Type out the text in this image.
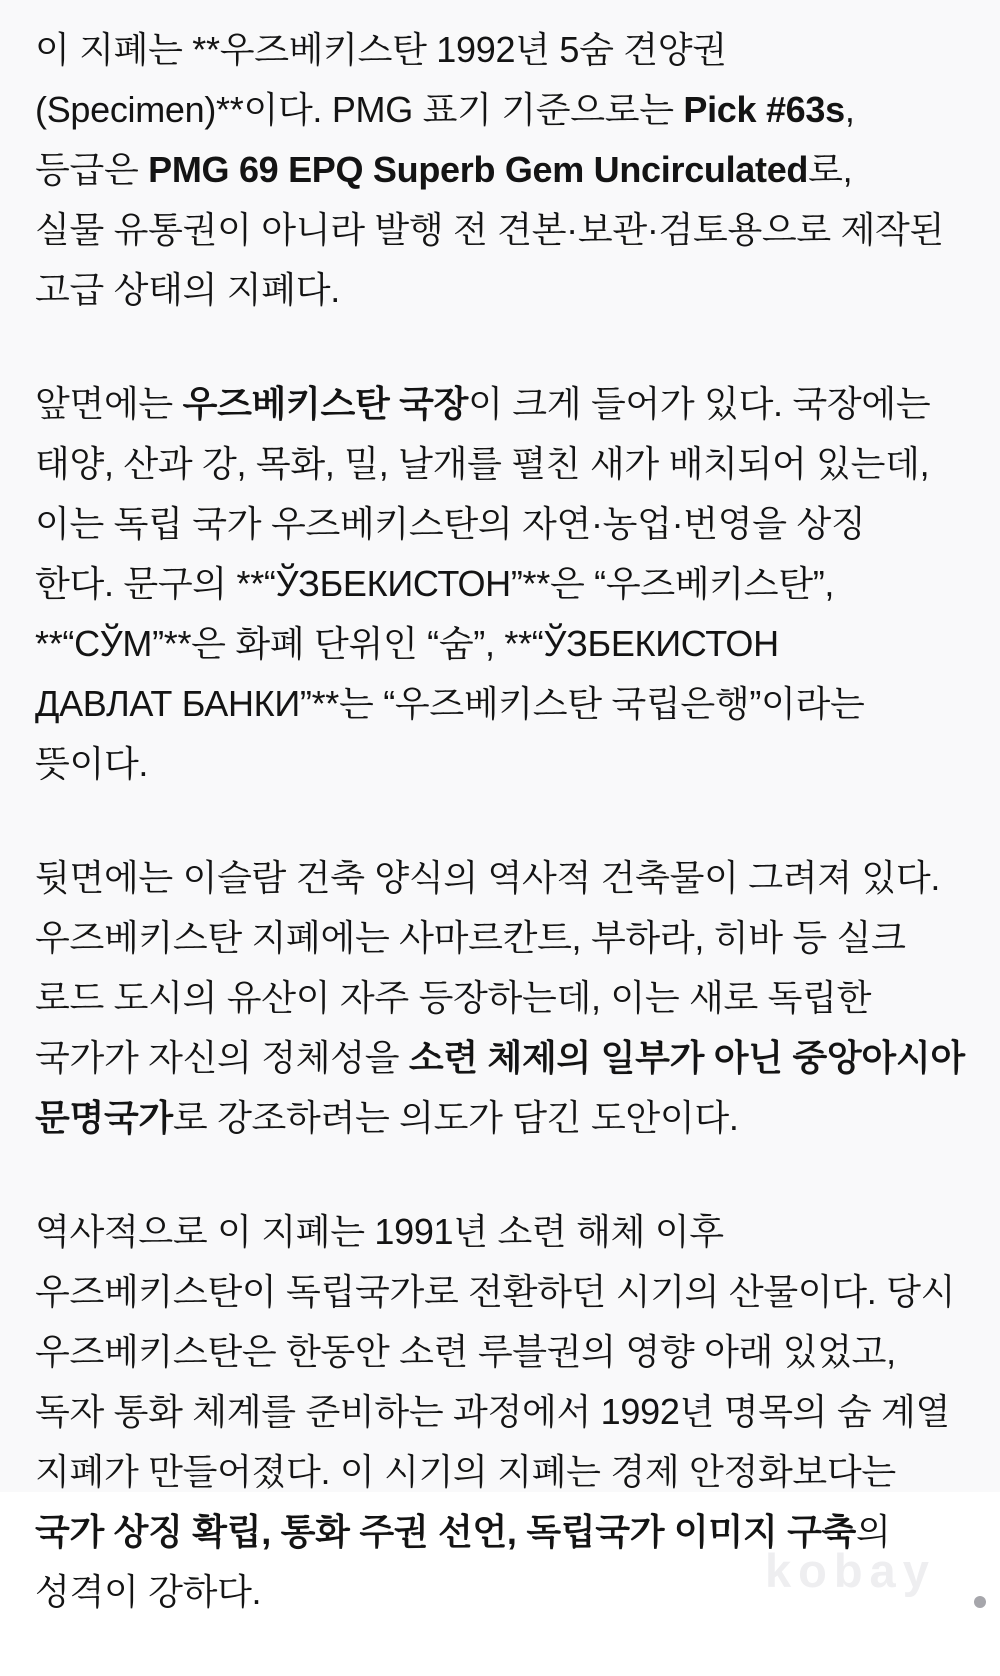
kobay
이 지폐는 **우즈베키스탄 1992년 5숨 견양권
(Specimen)**이다. PMG 표기 기준으로는 Pick #63s,
등급은 PMG 69 EPQ Superb Gem Uncirculated로,
실물 유통권이 아니라 발행 전 견본·보관·검토용으로 제작된
고급 상태의 지폐다.
앞면에는 우즈베키스탄 국장이 크게 들어가 있다. 국장에는
태양, 산과 강, 목화, 밀, 날개를 펼친 새가 배치되어 있는데,
이는 독립 국가 우즈베키스탄의 자연·농업·번영을 상징
한다. 문구의 **“ЎЗБЕКИСТОН”**은 “우즈베키스탄”,
**“СЎМ”**은 화폐 단위인 “숨”, **“ЎЗБЕКИСТОН
ДАВЛАТ БАНКИ”**는 “우즈베키스탄 국립은행”이라는
뜻이다.
뒷면에는 이슬람 건축 양식의 역사적 건축물이 그려져 있다.
우즈베키스탄 지폐에는 사마르칸트, 부하라, 히바 등 실크
로드 도시의 유산이 자주 등장하는데, 이는 새로 독립한
국가가 자신의 정체성을 소련 체제의 일부가 아닌 중앙아시아
문명국가로 강조하려는 의도가 담긴 도안이다.
역사적으로 이 지폐는 1991년 소련 해체 이후
우즈베키스탄이 독립국가로 전환하던 시기의 산물이다. 당시
우즈베키스탄은 한동안 소련 루블권의 영향 아래 있었고,
독자 통화 체계를 준비하는 과정에서 1992년 명목의 숨 계열
지폐가 만들어졌다. 이 시기의 지폐는 경제 안정화보다는
국가 상징 확립, 통화 주권 선언, 독립국가 이미지 구축의
성격이 강하다.
